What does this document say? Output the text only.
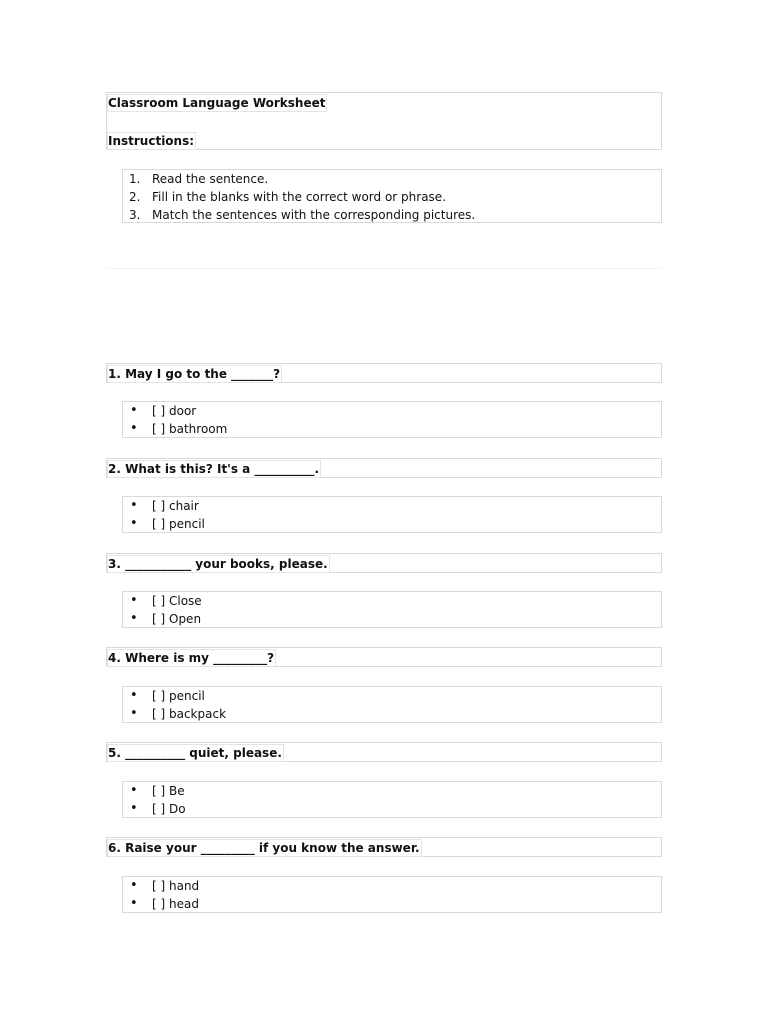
Classroom Language Worksheet
Instructions:
1. Read the sentence.
2. Fill in the blanks with the correct word or phrase.
3. Match the sentences with the corresponding pictures.
1. May I go to the _______?
• [ ] door
• [ ] bathroom
2. What is this? It's a __________.
• [ ] chair
• [ ] pencil
3. ___________ your books, please.
• [ ] Close
• [ ] Open
4. Where is my _________?
• [ ] pencil
• [ ] backpack
5. __________ quiet, please.
• [ ] Be
• [ ] Do
6. Raise your _________ if you know the answer.
• [ ] hand
• [ ] head
